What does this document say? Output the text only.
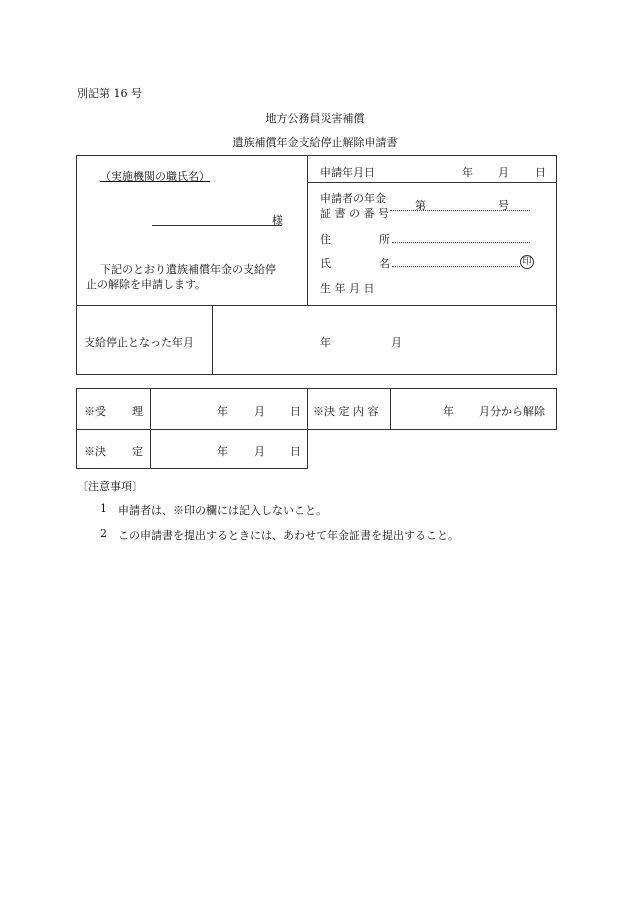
別記第 16 号
地方公務員災害補償
遺族補償年金支給停止解除申請書
（実施機関の職氏名）
様
下記のとおり遺族補償年金の支給停
止の解除を申請します。
申請年月日	年 月 日
申請者の年金
証 書 の 番 号
第	号
住	所
氏	名	印
生 年 月 日
支給停止となった年月	年	月
※受 理	年 月 日 ※決 定 内 容	年 月分から解除
※決 定	年 月 日
〔注意事項〕
1 申請者は、※印の欄には記入しないこと。
2 この申請書を提出するときには、あわせて年金証書を提出すること。
